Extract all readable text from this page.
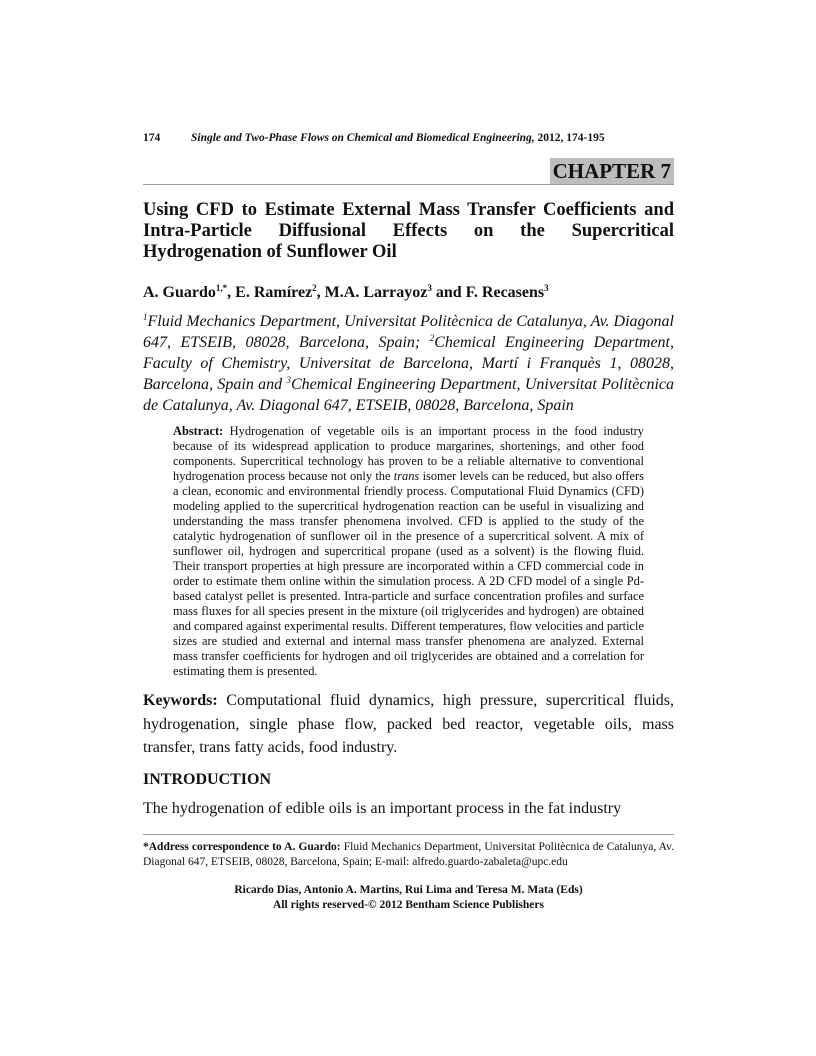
174	Single and Two-Phase Flows on Chemical and Biomedical Engineering, 2012, 174-195
CHAPTER 7
Using CFD to Estimate External Mass Transfer Coefficients and
Intra-Particle Diffusional Effects on the Supercritical
Hydrogenation of Sunflower Oil
A. Guardo$^{1,*}$, E. Ramírez$^2$, M.A. Larrayoz$^3$ and F. Recasens$^3$
$^1$Fluid Mechanics Department, Universitat Politècnica de Catalunya, Av. Diagonal 647, ETSEIB, 08028, Barcelona, Spain; $^2$Chemical Engineering Department, Faculty of Chemistry, Universitat de Barcelona, Martí i Franquès 1, 08028, Barcelona, Spain and $^3$Chemical Engineering Department, Universitat Politècnica de Catalunya, Av. Diagonal 647, ETSEIB, 08028, Barcelona, Spain
Abstract: Hydrogenation of vegetable oils is an important process in the food industry because of its widespread application to produce margarines, shortenings, and other food components. Supercritical technology has proven to be a reliable alternative to conventional hydrogenation process because not only the trans isomer levels can be reduced, but also offers a clean, economic and environmental friendly process. Computational Fluid Dynamics (CFD) modeling applied to the supercritical hydrogenation reaction can be useful in visualizing and understanding the mass transfer phenomena involved. CFD is applied to the study of the catalytic hydrogenation of sunflower oil in the presence of a supercritical solvent. A mix of sunflower oil, hydrogen and supercritical propane (used as a solvent) is the flowing fluid. Their transport properties at high pressure are incorporated within a CFD commercial code in order to estimate them online within the simulation process. A 2D CFD model of a single Pd-based catalyst pellet is presented. Intra-particle and surface concentration profiles and surface mass fluxes for all species present in the mixture (oil triglycerides and hydrogen) are obtained and compared against experimental results. Different temperatures, flow velocities and particle sizes are studied and external and internal mass transfer phenomena are analyzed. External mass transfer coefficients for hydrogen and oil triglycerides are obtained and a correlation for estimating them is presented.
Keywords: Computational fluid dynamics, high pressure, supercritical fluids, hydrogenation, single phase flow, packed bed reactor, vegetable oils, mass transfer, trans fatty acids, food industry.
INTRODUCTION
The hydrogenation of edible oils is an important process in the fat industry
*Address correspondence to A. Guardo: Fluid Mechanics Department, Universitat Politècnica de Catalunya, Av. Diagonal 647, ETSEIB, 08028, Barcelona, Spain; E-mail: alfredo.guardo-zabaleta@upc.edu
Ricardo Dias, Antonio A. Martins, Rui Lima and Teresa M. Mata (Eds)
All rights reserved-© 2012 Bentham Science Publishers
